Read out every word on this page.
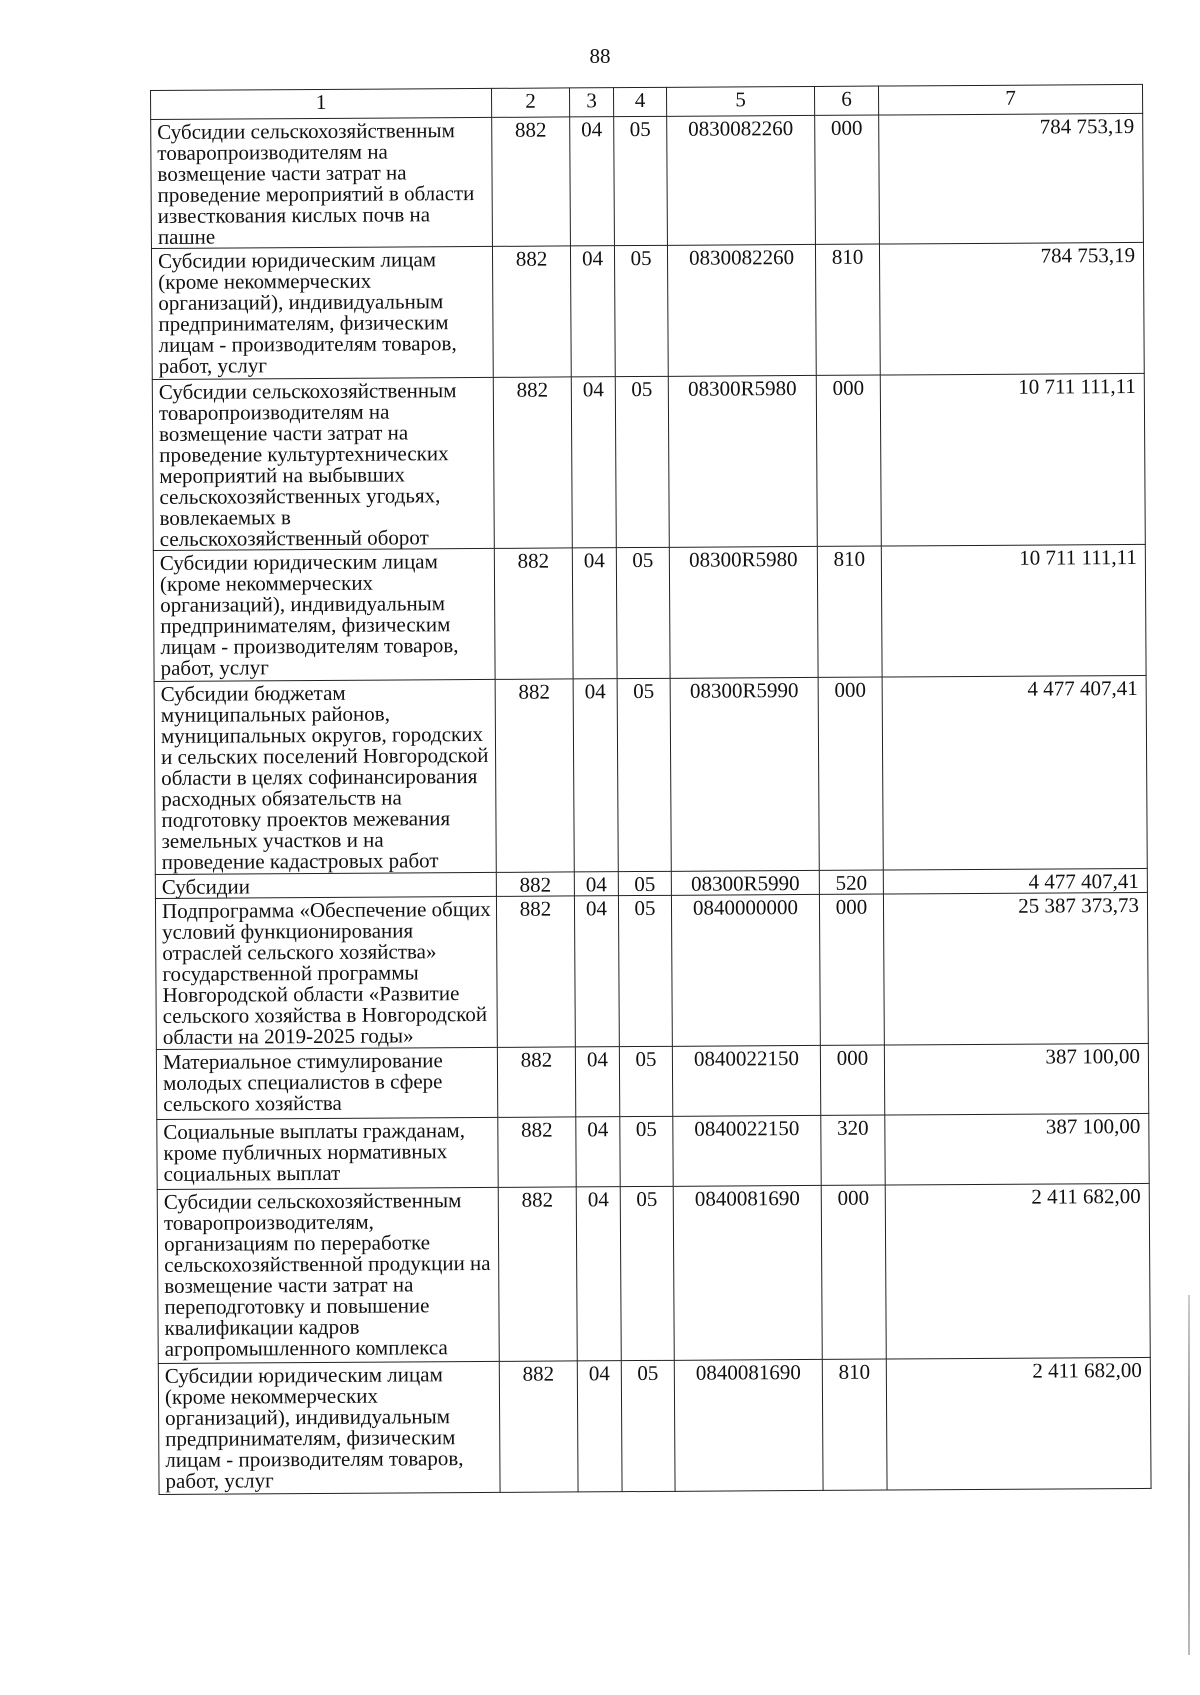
88
1	2	3	4	5	6	7
Субсидии сельскохозяйственным товаропроизводителям на возмещение части затрат на проведение мероприятий в области известкования кислых почв на пашне	882	04	05	0830082260	000	784 753,19
Субсидии юридическим лицам (кроме некоммерческих организаций), индивидуальным предпринимателям, физическим лицам - производителям товаров, работ, услуг	882	04	05	0830082260	810	784 753,19
Субсидии сельскохозяйственным товаропроизводителям на возмещение части затрат на проведение культуртехнических мероприятий на выбывших сельскохозяйственных угодьях, вовлекаемых в сельскохозяйственный оборот	882	04	05	08300R5980	000	10 711 111,11
Субсидии юридическим лицам (кроме некоммерческих организаций), индивидуальным предпринимателям, физическим лицам - производителям товаров, работ, услуг	882	04	05	08300R5980	810	10 711 111,11
Субсидии бюджетам муниципальных районов, муниципальных округов, городских и сельских поселений Новгородской области в целях софинансирования расходных обязательств на подготовку проектов межевания земельных участков и на проведение кадастровых работ	882	04	05	08300R5990	000	4 477 407,41
Субсидии	882	04	05	08300R5990	520	4 477 407,41
Подпрограмма «Обеспечение общих условий функционирования отраслей сельского хозяйства» государственной программы Новгородской области «Развитие сельского хозяйства в Новгородской области на 2019-2025 годы»	882	04	05	0840000000	000	25 387 373,73
Материальное стимулирование молодых специалистов в сфере сельского хозяйства	882	04	05	0840022150	000	387 100,00
Социальные выплаты гражданам, кроме публичных нормативных социальных выплат	882	04	05	0840022150	320	387 100,00
Субсидии сельскохозяйственным товаропроизводителям, организациям по переработке сельскохозяйственной продукции на возмещение части затрат на переподготовку и повышение квалификации кадров агропромышленного комплекса	882	04	05	0840081690	000	2 411 682,00
Субсидии юридическим лицам (кроме некоммерческих организаций), индивидуальным предпринимателям, физическим лицам - производителям товаров, работ, услуг	882	04	05	0840081690	810	2 411 682,00
